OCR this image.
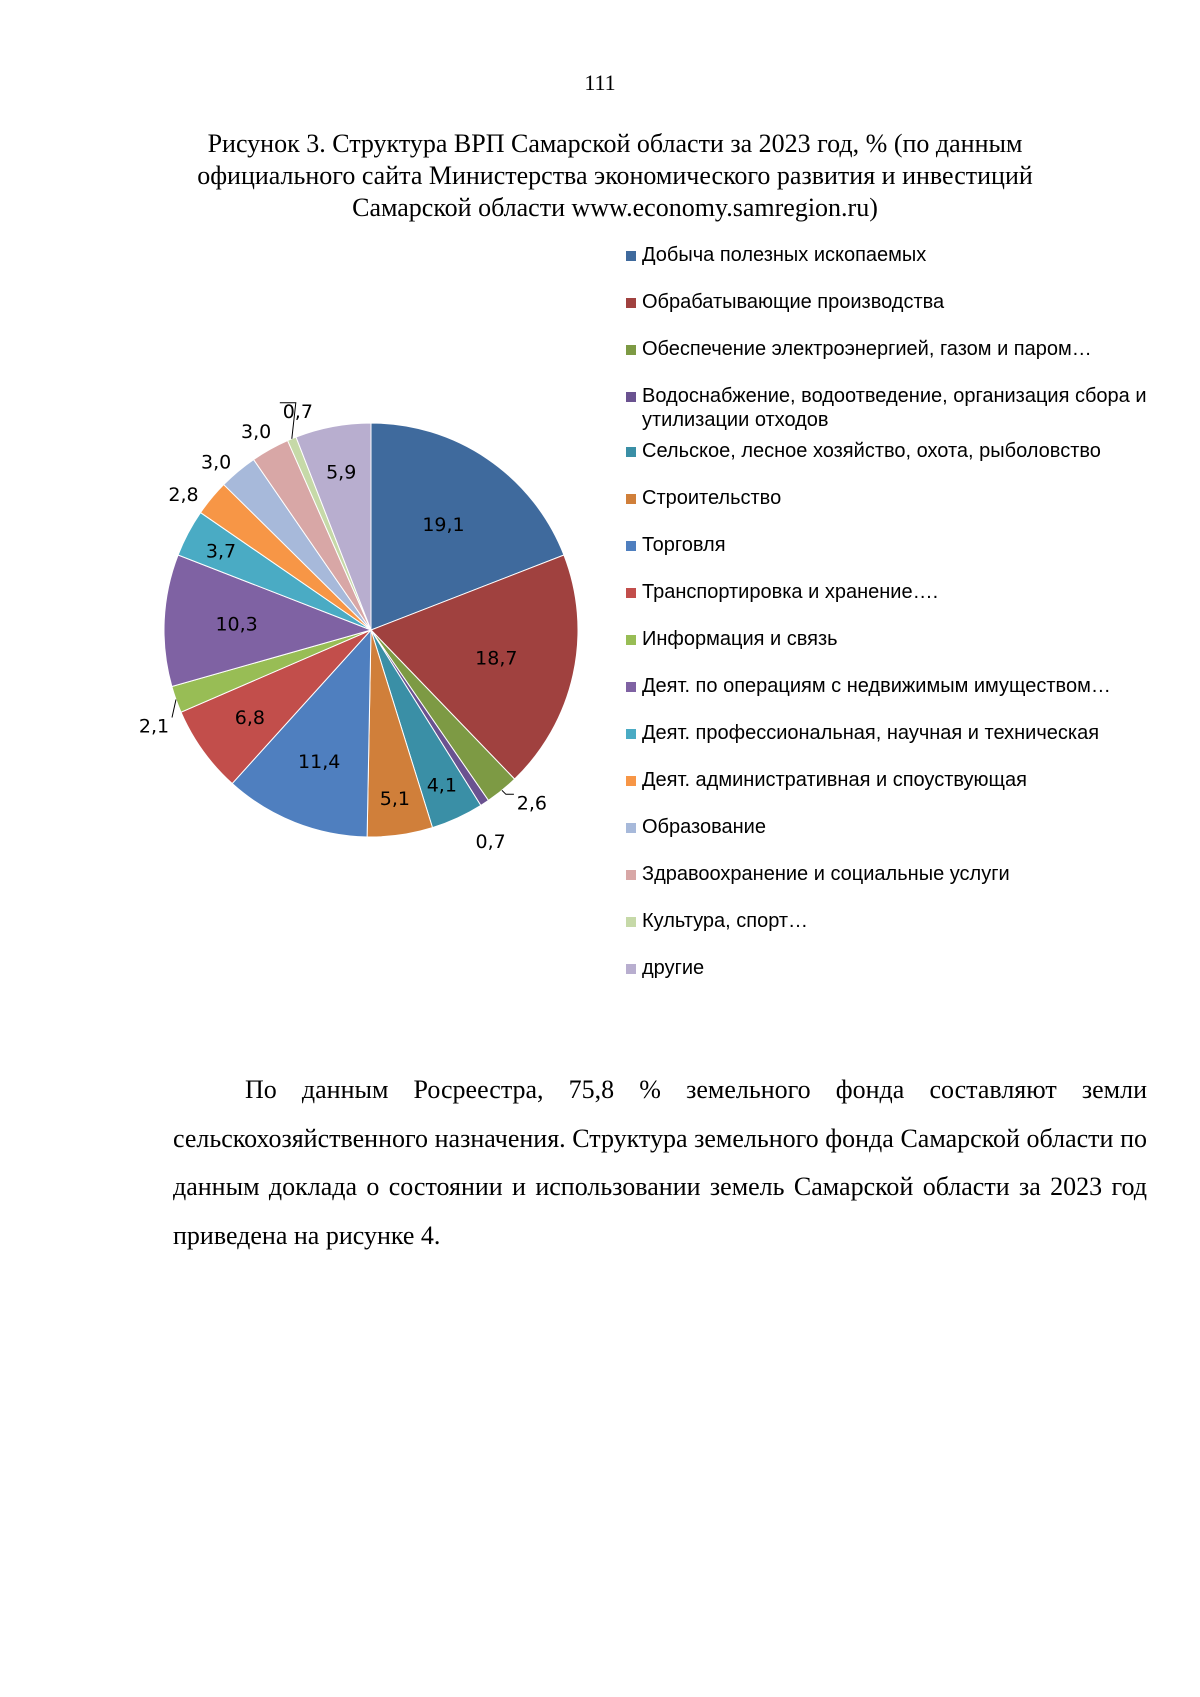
111
Рисунок 3. Структура ВРП Самарской области за 2023 год, % (по данным
официального сайта Министерства экономического развития и инвестиций
Самарской области www.economy.samregion.ru)
19,1
18,7
2,6
0,7
4,1
5,1
11,4
6,8
2,1
10,3
3,7
2,8
3,0
3,0
0,7
5,9
Добыча полезных ископаемых
Обрабатывающие производства
Обеспечение электроэнергией, газом и паром…
Водоснабжение, водоотведение, организация сбора и утилизации отходов
Сельское, лесное хозяйство, охота, рыболовство
Строительство
Торговля
Транспортировка и хранение….
Информация и связь
Деят. по операциям с недвижимым имуществом…
Деят. профессиональная, научная и техническая
Деят. административная и споуствующая
Образование
Здравоохранение и социальные услуги
Культура, спорт…
другие

По данным Росреестра, 75,8 % земельного фонда составляют земли сельскохозяйственного назначения. Структура земельного фонда Самарской области по данным доклада о состоянии и использовании земель Самарской области за 2023 год приведена на рисунке 4.
